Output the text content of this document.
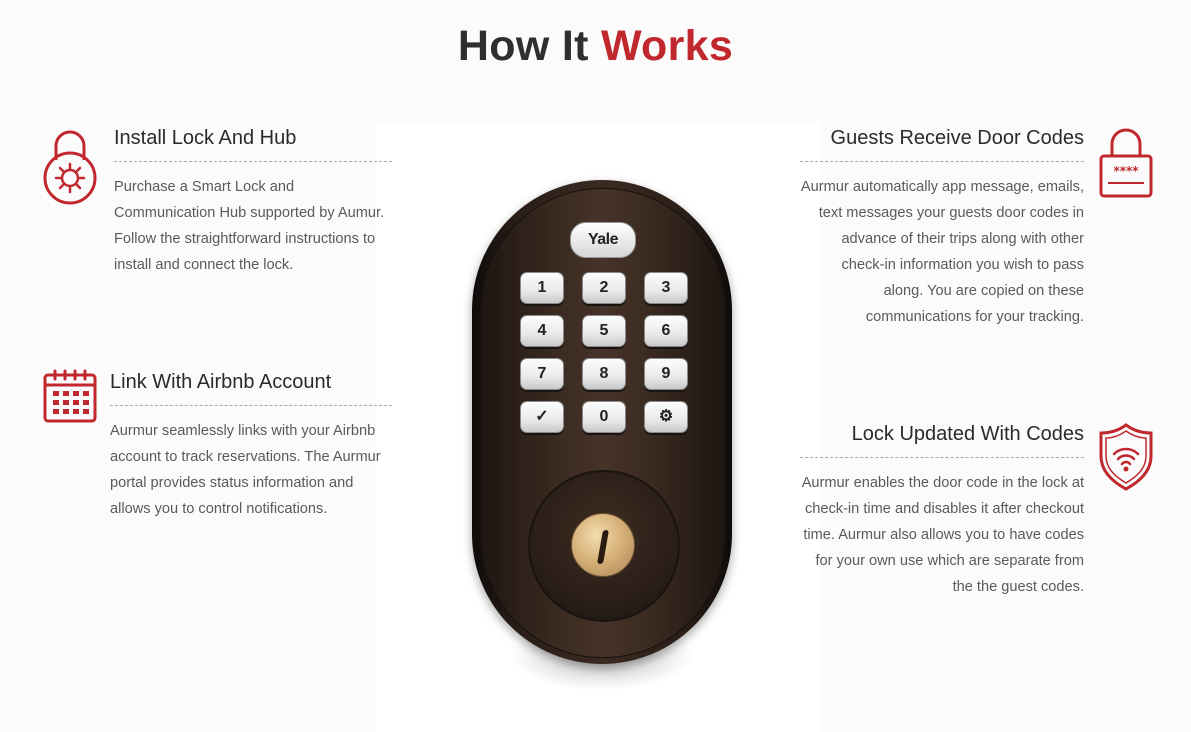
How It Works
Install Lock And Hub

Purchase a Smart Lock and Communication Hub supported by Aumur. Follow the straightforward instructions to install and connect the lock.

Link With Airbnb Account

Aurmur seamlessly links with your Airbnb account to track reservations. The Aurmur portal provides status information and allows you to control notifications.

Guests Receive Door Codes

Aurmur automatically app message, emails, text messages your guests door codes in advance of their trips along with other check-in information you wish to pass along. You are copied on these communications for your tracking.

****
Lock Updated With Codes

Aurmur enables the door code in the lock at check-in time and disables it after checkout time. Aurmur also allows you to have codes for your own use which are separate from the the guest codes.

Yale
1	2	3
4	5	6
7	8	9
✓	0	⚙
